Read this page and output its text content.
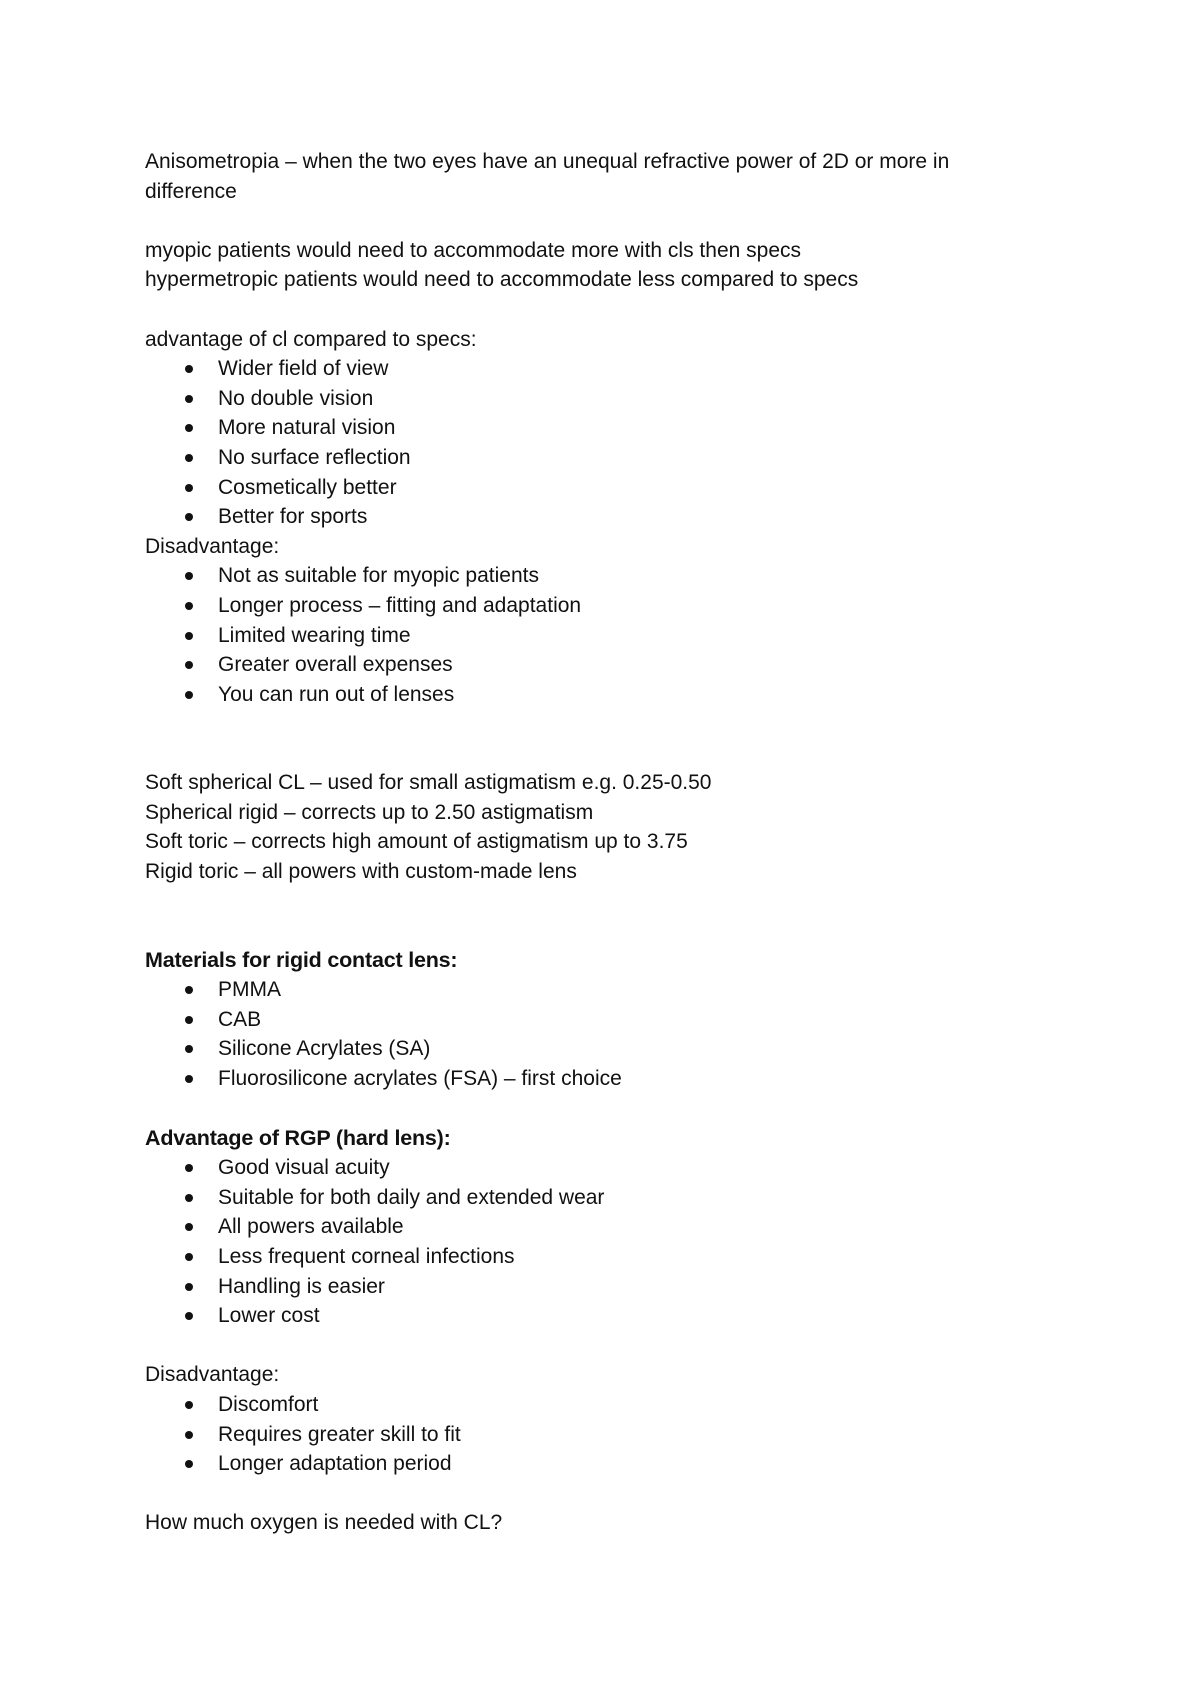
Anisometropia – when the two eyes have an unequal refractive power of 2D or more in difference

myopic patients would need to accommodate more with cls then specs

hypermetropic patients would need to accommodate less compared to specs

advantage of cl compared to specs:

Wider field of view
No double vision
More natural vision
No surface reflection
Cosmetically better
Better for sports

Disadvantage:

Not as suitable for myopic patients
Longer process – fitting and adaptation
Limited wearing time
Greater overall expenses
You can run out of lenses

Soft spherical CL – used for small astigmatism e.g. 0.25-0.50

Spherical rigid – corrects up to 2.50 astigmatism

Soft toric – corrects high amount of astigmatism up to 3.75

Rigid toric – all powers with custom-made lens

Materials for rigid contact lens:

PMMA
CAB
Silicone Acrylates (SA)
Fluorosilicone acrylates (FSA) – first choice

Advantage of RGP (hard lens):

Good visual acuity
Suitable for both daily and extended wear
All powers available
Less frequent corneal infections
Handling is easier
Lower cost

Disadvantage:

Discomfort
Requires greater skill to fit
Longer adaptation period

How much oxygen is needed with CL?
